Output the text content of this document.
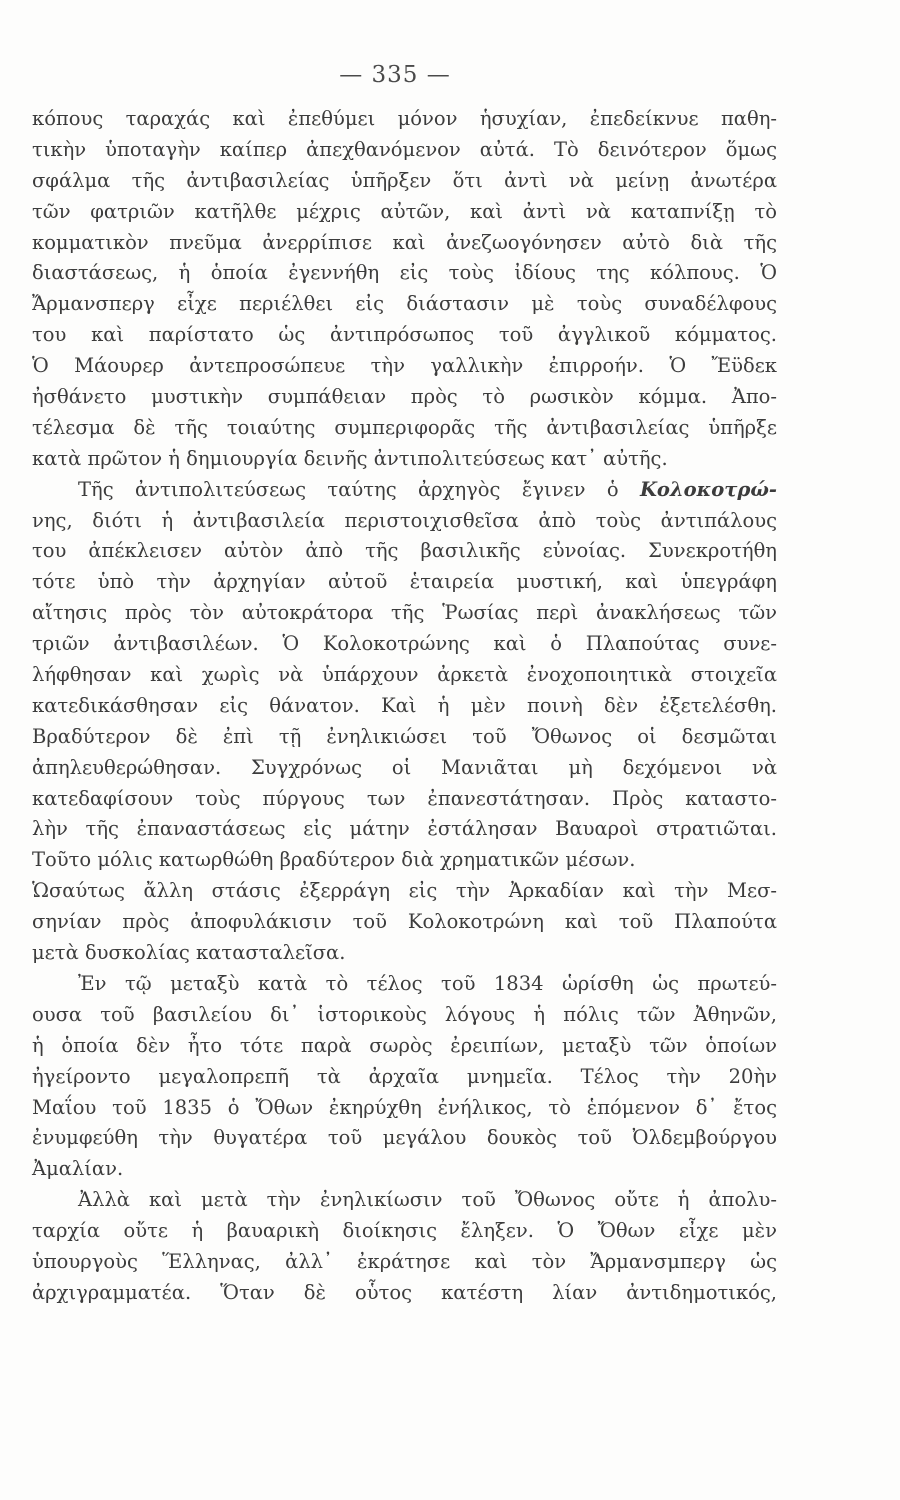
— 335 —
κόπους ταραχάς καὶ ἐπεθύμει μόνον ἡσυχίαν, ἐπεδείκνυε παθη-
τικὴν ὑποταγὴν καίπερ ἀπεχθανόμενον αὐτά. Τὸ δεινότερον ὅμως
σφάλμα τῆς ἀντιβασιλείας ὑπῆρξεν ὅτι ἀντὶ νὰ μείνῃ ἀνωτέρα
τῶν φατριῶν κατῆλθε μέχρις αὐτῶν, καὶ ἀντὶ νὰ καταπνίξῃ τὸ
κομματικὸν πνεῦμα ἀνερρίπισε καὶ ἀνεζωογόνησεν αὐτὸ διὰ τῆς
διαστάσεως, ἡ ὁποία ἐγεννήθη εἰς τοὺς ἰδίους της κόλπους. Ὁ
Ἄρμανσπεργ εἶχε περιέλθει εἰς διάστασιν μὲ τοὺς συναδέλφους
του καὶ παρίστατο ὡς ἀντιπρόσωπος τοῦ ἀγγλικοῦ κόμματος.
Ὁ Μάουρερ ἀντεπροσώπευε τὴν γαλλικὴν ἐπιρροήν. Ὁ Ἔϋδεκ
ἠσθάνετο μυστικὴν συμπάθειαν πρὸς τὸ ρωσικὸν κόμμα. Ἀπο-
τέλεσμα δὲ τῆς τοιαύτης συμπεριφορᾶς τῆς ἀντιβασιλείας ὑπῆρξε
κατὰ πρῶτον ἡ δημιουργία δεινῆς ἀντιπολιτεύσεως κατ᾽ αὐτῆς.
Τῆς ἀντιπολιτεύσεως ταύτης ἀρχηγὸς ἔγινεν ὁ Κολοκοτρώ-
νης, διότι ἡ ἀντιβασιλεία περιστοιχισθεῖσα ἀπὸ τοὺς ἀντιπάλους
του ἀπέκλεισεν αὐτὸν ἀπὸ τῆς βασιλικῆς εὐνοίας. Συνεκροτήθη
τότε ὑπὸ τὴν ἀρχηγίαν αὐτοῦ ἑταιρεία μυστική, καὶ ὑπεγράφη
αἴτησις πρὸς τὸν αὐτοκράτορα τῆς Ῥωσίας περὶ ἀνακλήσεως τῶν
τριῶν ἀντιβασιλέων. Ὁ Κολοκοτρώνης καὶ ὁ Πλαπούτας συνε-
λήφθησαν καὶ χωρὶς νὰ ὑπάρχουν ἀρκετὰ ἐνοχοποιητικὰ στοιχεῖα
κατεδικάσθησαν εἰς θάνατον. Καὶ ἡ μὲν ποινὴ δὲν ἐξετελέσθη.
Βραδύτερον δὲ ἐπὶ τῇ ἐνηλικιώσει τοῦ Ὄθωνος οἱ δεσμῶται
ἀπηλευθερώθησαν. Συγχρόνως οἱ Μανιᾶται μὴ δεχόμενοι νὰ
κατεδαφίσουν τοὺς πύργους των ἐπανεστάτησαν. Πρὸς καταστο-
λὴν τῆς ἐπαναστάσεως εἰς μάτην ἐστάλησαν Βαυαροὶ στρατιῶται.
Τοῦτο μόλις κατωρθώθη βραδύτερον διὰ χρηματικῶν μέσων.
Ὡσαύτως ἄλλη στάσις ἐξερράγη εἰς τὴν Ἀρκαδίαν καὶ τὴν Μεσ-
σηνίαν πρὸς ἀποφυλάκισιν τοῦ Κολοκοτρώνη καὶ τοῦ Πλαπούτα
μετὰ δυσκολίας κατασταλεῖσα.
Ἐν τῷ μεταξὺ κατὰ τὸ τέλος τοῦ 1834 ὡρίσθη ὡς πρωτεύ-
ουσα τοῦ βασιλείου δι᾽ ἱστορικοὺς λόγους ἡ πόλις τῶν Ἀθηνῶν,
ἡ ὁποία δὲν ἦτο τότε παρὰ σωρὸς ἐρειπίων, μεταξὺ τῶν ὁποίων
ἠγείροντο μεγαλοπρεπῆ τὰ ἀρχαῖα μνημεῖα. Τέλος τὴν 20ὴν
Μαΐου τοῦ 1835 ὁ Ὄθων ἐκηρύχθη ἐνήλικος, τὸ ἑπόμενον δ᾽ ἔτος
ἐνυμφεύθη τὴν θυγατέρα τοῦ μεγάλου δουκὸς τοῦ Ὀλδεμβούργου
Ἀμαλίαν.
Ἀλλὰ καὶ μετὰ τὴν ἐνηλικίωσιν τοῦ Ὄθωνος οὔτε ἡ ἀπολυ-
ταρχία οὔτε ἡ βαυαρικὴ διοίκησις ἔληξεν. Ὁ Ὄθων εἶχε μὲν
ὑπουργοὺς Ἕλληνας, ἀλλ᾽ ἐκράτησε καὶ τὸν Ἄρμανσμπεργ ὡς
ἀρχιγραμματέα. Ὅταν δὲ οὗτος κατέστη λίαν ἀντιδημοτικός,
